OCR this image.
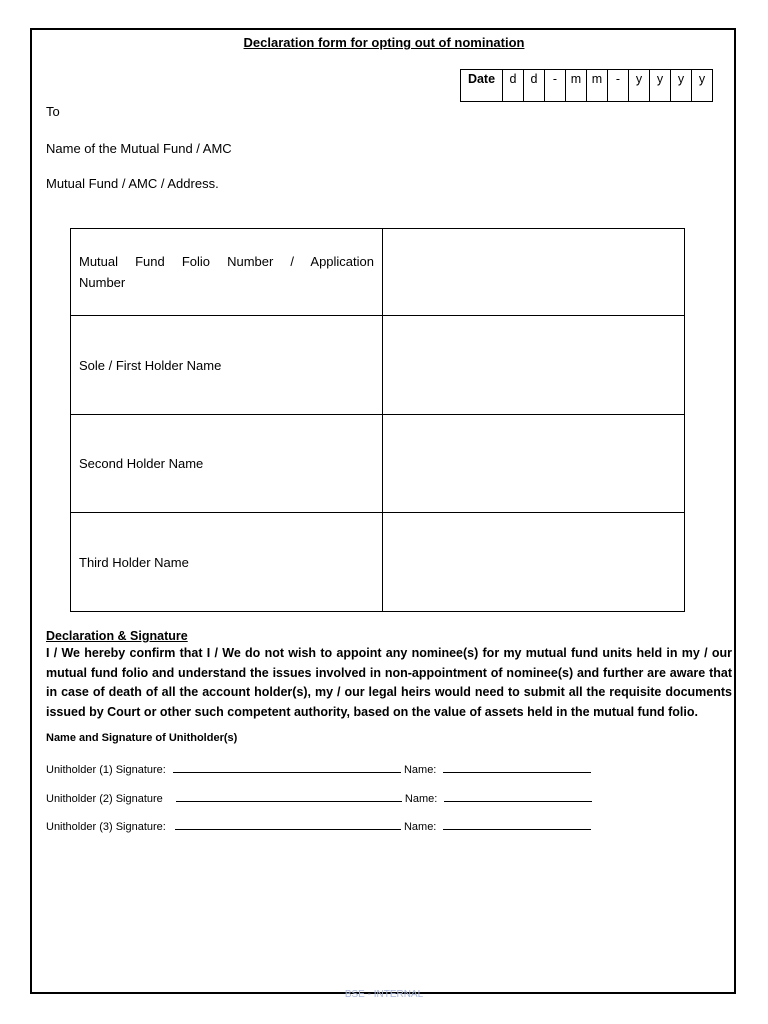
Declaration form for opting out of nomination
Date	d	d	-	m	m	-	y	y	y	y
To
Name of the Mutual Fund / AMC
Mutual Fund / AMC / Address.
Mutual Fund Folio Number / Application
Number	

Sole / First Holder Name	
Second Holder Name	
Third Holder Name	
Declaration & Signature
I / We hereby confirm that I / We do not wish to appoint any nominee(s) for my mutual fund units held in my / our mutual fund folio and understand the issues involved in non-appointment of nominee(s) and further are aware that in case of death of all the account holder(s), my / our legal heirs would need to submit all the requisite documents issued by Court or other such competent authority, based on the value of assets held in the mutual fund folio.
Name and Signature of Unitholder(s)
Unitholder (1) Signature:	Name:
Unitholder (2) Signature	Name:
Unitholder (3) Signature:	Name:
BSE - INTERNAL
